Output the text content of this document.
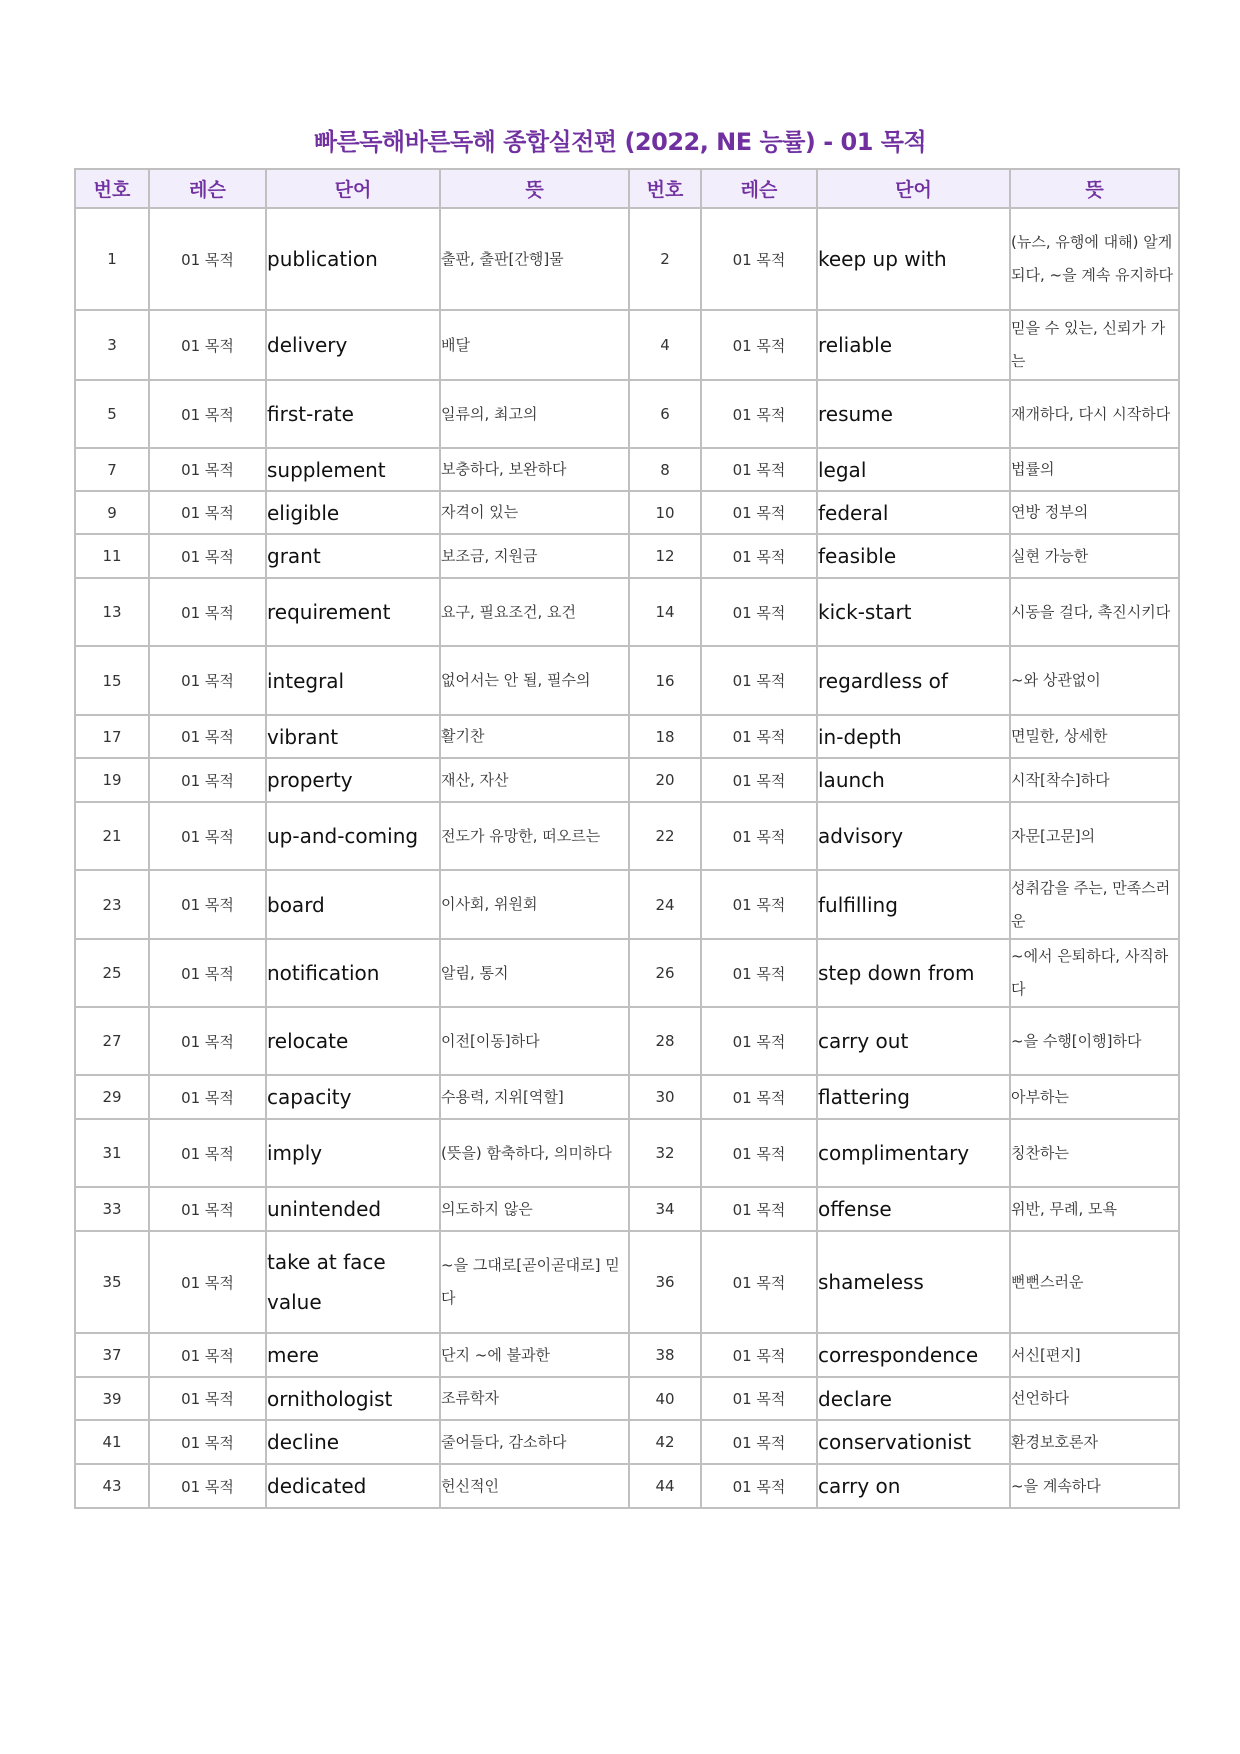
빠른독해바른독해 종합실전편 (2022, NE 능률) - 01 목적
번호	레슨	단어	뜻	번호	레슨	단어	뜻
1	01 목적	publication	출판, 출판[간행]물	2	01 목적	keep up with	(뉴스, 유행에 대해) 알게 되다, ~을 계속 유지하다
3	01 목적	delivery	배달	4	01 목적	reliable	믿을 수 있는, 신뢰가 가는
5	01 목적	first-rate	일류의, 최고의	6	01 목적	resume	재개하다, 다시 시작하다
7	01 목적	supplement	보충하다, 보완하다	8	01 목적	legal	법률의
9	01 목적	eligible	자격이 있는	10	01 목적	federal	연방 정부의
11	01 목적	grant	보조금, 지원금	12	01 목적	feasible	실현 가능한
13	01 목적	requirement	요구, 필요조건, 요건	14	01 목적	kick-start	시동을 걸다, 촉진시키다
15	01 목적	integral	없어서는 안 될, 필수의	16	01 목적	regardless of	~와 상관없이
17	01 목적	vibrant	활기찬	18	01 목적	in-depth	면밀한, 상세한
19	01 목적	property	재산, 자산	20	01 목적	launch	시작[착수]하다
21	01 목적	up-and-coming	전도가 유망한, 떠오르는	22	01 목적	advisory	자문[고문]의
23	01 목적	board	이사회, 위원회	24	01 목적	fulfilling	성취감을 주는, 만족스러운
25	01 목적	notification	알림, 통지	26	01 목적	step down from	~에서 은퇴하다, 사직하다
27	01 목적	relocate	이전[이동]하다	28	01 목적	carry out	~을 수행[이행]하다
29	01 목적	capacity	수용력, 지위[역할]	30	01 목적	flattering	아부하는
31	01 목적	imply	(뜻을) 함축하다, 의미하다	32	01 목적	complimentary	칭찬하는
33	01 목적	unintended	의도하지 않은	34	01 목적	offense	위반, 무례, 모욕
35	01 목적	take at face value	~을 그대로[곧이곧대로] 믿다	36	01 목적	shameless	뻔뻔스러운
37	01 목적	mere	단지 ~에 불과한	38	01 목적	correspondence	서신[편지]
39	01 목적	ornithologist	조류학자	40	01 목적	declare	선언하다
41	01 목적	decline	줄어들다, 감소하다	42	01 목적	conservationist	환경보호론자
43	01 목적	dedicated	헌신적인	44	01 목적	carry on	~을 계속하다
